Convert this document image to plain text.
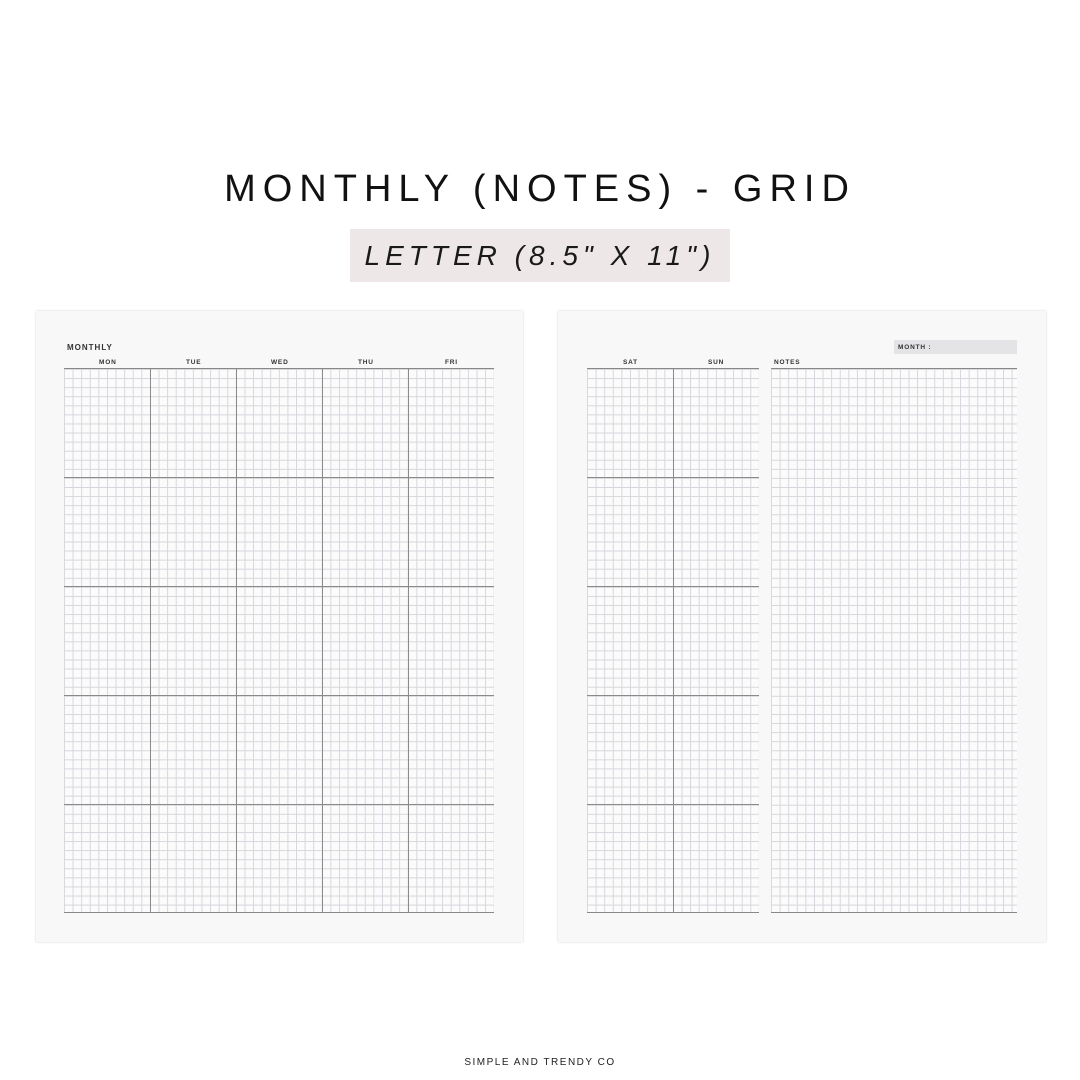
MONTHLY (NOTES) - GRID
LETTER (8.5" X 11")
MONTHLY
MON	TUE	WED	THU	FRI
MONTH :
SAT	SUN	NOTES
SIMPLE AND TRENDY CO
